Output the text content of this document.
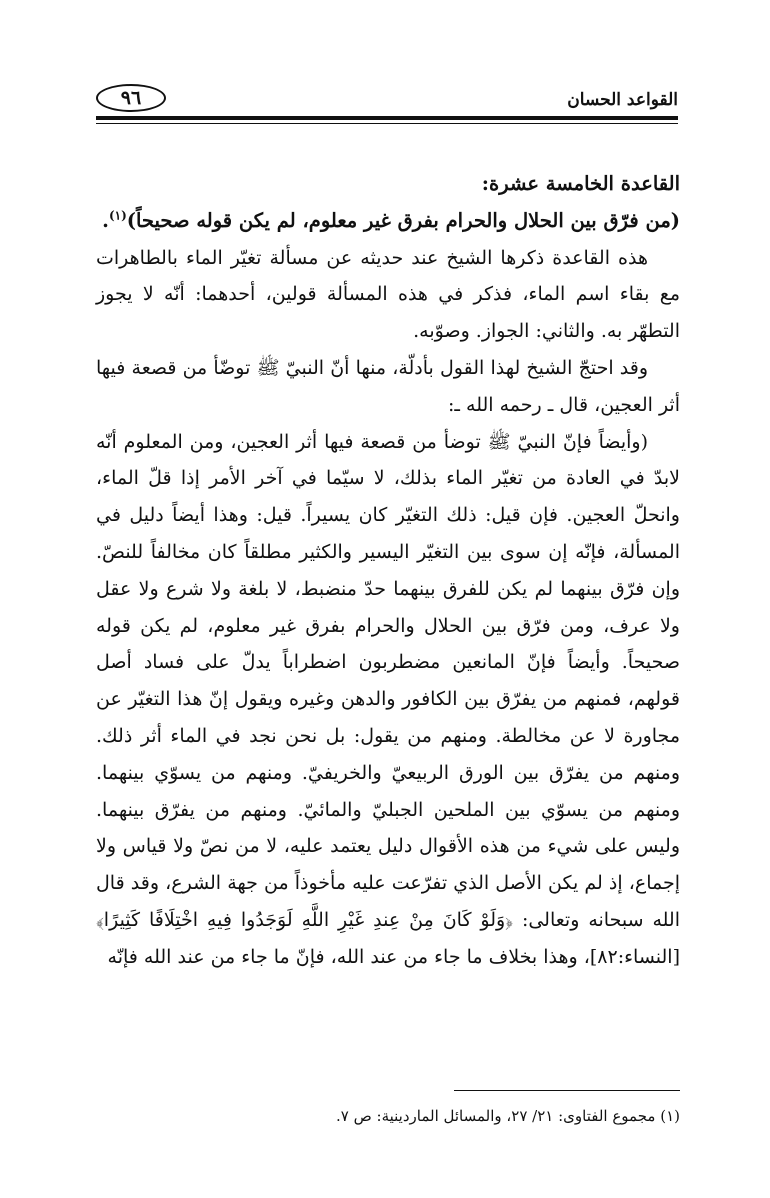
القواعد الحسان
٩٦

القاعدة الخامسة عشرة:

(من فرّق بين الحلال والحرام بفرق غير معلوم، لم يكن قوله صحيحاً)$^{(١)}$.

هذه القاعدة ذكرها الشيخ عند حديثه عن مسألة تغيّر الماء بالطاهرات مع بقاء اسم الماء، فذكر في هذه المسألة قولين، أحدهما: أنّه لا يجوز التطهّر به. والثاني: الجواز. وصوّبه.

وقد احتجّ الشيخ لهذا القول بأدلّة، منها أنّ النبيّ ﷺ توضّأ من قصعة فيها أثر العجين، قال ـ رحمه الله ـ:

(وأيضاً فإنّ النبيّ ﷺ توضأ من قصعة فيها أثر العجين، ومن المعلوم أنّه لابدّ في العادة من تغيّر الماء بذلك، لا سيّما في آخر الأمر إذا قلّ الماء، وانحلّ العجين. فإن قيل: ذلك التغيّر كان يسيراً. قيل: وهذا أيضاً دليل في المسألة، فإنّه إن سوى بين التغيّر اليسير والكثير مطلقاً كان مخالفاً للنصّ. وإن فرّق بينهما لم يكن للفرق بينهما حدّ منضبط، لا بلغة ولا شرع ولا عقل ولا عرف، ومن فرّق بين الحلال والحرام بفرق غير معلوم، لم يكن قوله صحيحاً. وأيضاً فإنّ المانعين مضطربون اضطراباً يدلّ على فساد أصل قولهم، فمنهم من يفرّق بين الكافور والدهن وغيره ويقول إنّ هذا التغيّر عن مجاورة لا عن مخالطة. ومنهم من يقول: بل نحن نجد في الماء أثر ذلك. ومنهم من يفرّق بين الورق الربيعيّ والخريفيّ. ومنهم من يسوّي بينهما. ومنهم من يسوّي بين الملحين الجبليّ والمائيّ. ومنهم من يفرّق بينهما. وليس على شيء من هذه الأقوال دليل يعتمد عليه، لا من نصّ ولا قياس ولا إجماع، إذ لم يكن الأصل الذي تفرّعت عليه مأخوذاً من جهة الشرع، وقد قال الله سبحانه وتعالى: ﴿وَلَوْ كَانَ مِنْ عِندِ غَيْرِ اللَّهِ لَوَجَدُوا فِيهِ اخْتِلَافًا كَثِيرًا﴾ [النساء:٨٢]، وهذا بخلاف ما جاء من عند الله، فإنّ ما جاء من عند الله فإنّه

(١) مجموع الفتاوى: ٢١/ ٢٧، والمسائل الماردينية: ص ٧.
